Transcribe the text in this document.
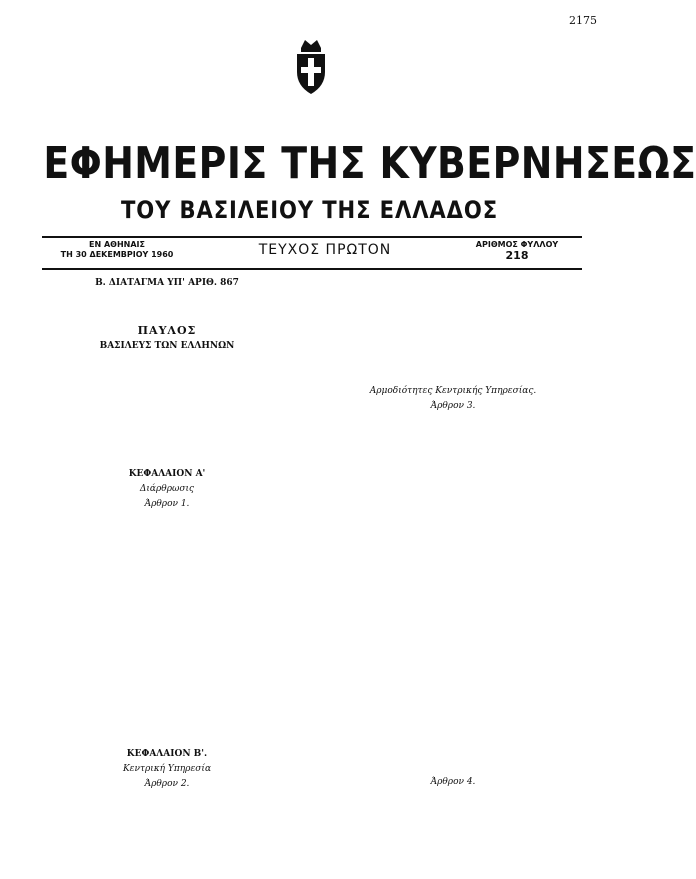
2175
ΕΦΗΜΕΡΙΣ ΤΗΣ ΚΥΒΕΡΝΗΣΕΩΣ
ΤΟΥ ΒΑΣΙΛΕΙΟΥ ΤΗΣ ΕΛΛΑΔΟΣ
ΕΝ ΑΘΗΝΑΙΣ
ΤΗ 30 ΔΕΚΕΜΒΡΙΟΥ 1960	ΤΕΥΧΟΣ ΠΡΩΤΟΝ	ΑΡΙΘΜΟΣ ΦΥΛΛΟΥ
218
Β. ΔΙΑΤΑΓΜΑ ΥΠ' ΑΡΙΘ. 867
ΠΑΥΛΟΣ
ΒΑΣΙΛΕΥΣ ΤΩΝ ΕΛΛΗΝΩΝ
ΚΕΦΑΛΑΙΟΝ Α'
Διάρθρωσις
Άρθρον 1.
ΚΕΦΑΛΑΙΟΝ Β'.
Κεντρική Υπηρεσία
Άρθρον 2.
Αρμοδιότητες Κεντρικής Υπηρεσίας.
Άρθρον 3.
Άρθρον 4.
